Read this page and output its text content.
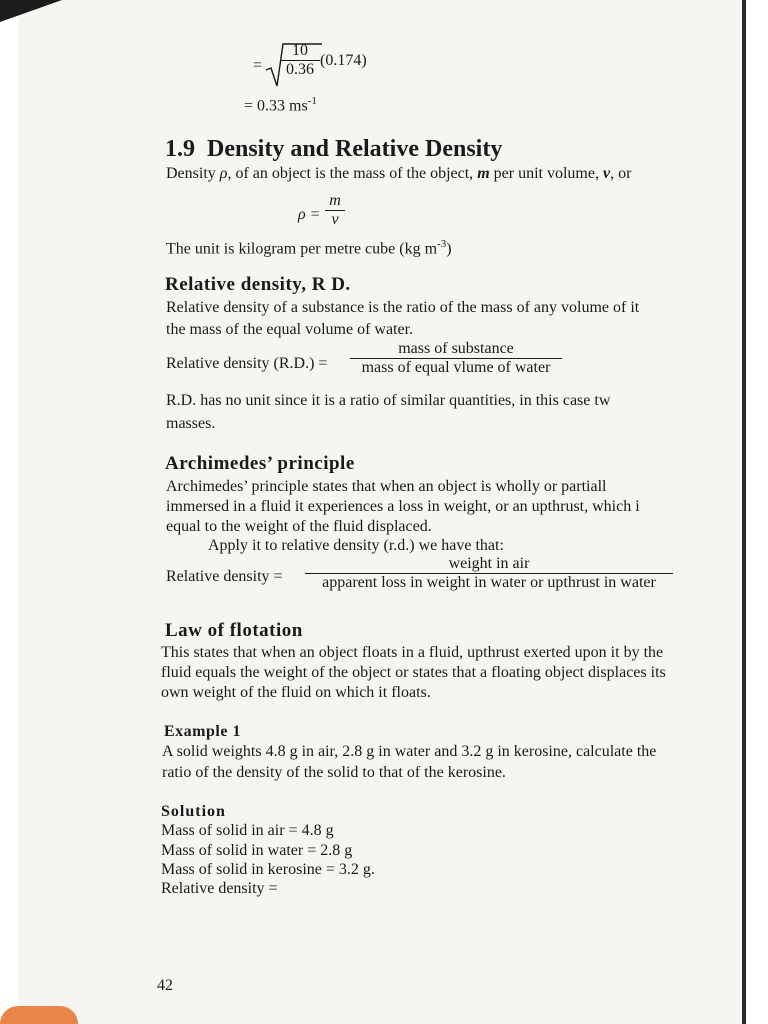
=
10
0.36
(0.174)
= 0.33 $ms^{-1}$
1.9 Density and Relative Density
Density ρ, of an object is the mass of the object, m per unit volume, v, or
ρ =
m
v
The unit is kilogram per metre cube (kg $m^{-3}$)
Relative density, R D.
Relative density of a substance is the ratio of the mass of any volume of it
the mass of the equal volume of water.
Relative density (R.D.) =
mass of substance
mass of equal vlume of water
R.D. has no unit since it is a ratio of similar quantities, in this case tw
masses.
Archimedes’ principle
Archimedes’ principle states that when an object is wholly or partiall
immersed in a fluid it experiences a loss in weight, or an upthrust, which i
equal to the weight of the fluid displaced.
Apply it to relative density (r.d.) we have that:
Relative density =
weight in air
apparent loss in weight in water or upthrust in water
Law of flotation
This states that when an object floats in a fluid, upthrust exerted upon it by the
fluid equals the weight of the object or states that a floating object displaces its
own weight of the fluid on which it floats.
Example 1
A solid weights 4.8 g in air, 2.8 g in water and 3.2 g in kerosine, calculate the
ratio of the density of the solid to that of the kerosine.
Solution
Mass of solid in air = 4.8 g
Mass of solid in water = 2.8 g
Mass of solid in kerosine = 3.2 g.
Relative density =
42
